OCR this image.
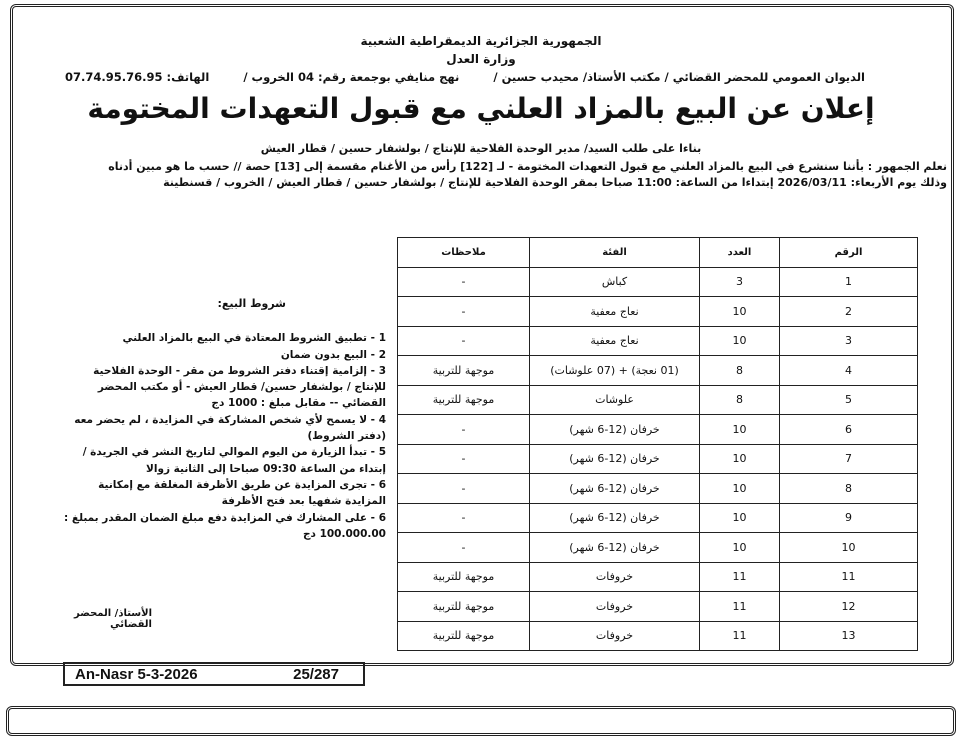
الجمهورية الجزائرية الديمقراطية الشعبية
وزارة العدل
الديوان العمومي للمحضر القضائي / مكتب الأستاذ/ محيدب حسين /
نهج منايفي بوجمعة رقم: 04 الخروب /
الهاتف: 07.74.95.76.95
إعلان عن البيع بالمزاد العلني مع قبول التعهدات المختومة
بناءا على طلب السيد/ مدير الوحدة الفلاحية للإنتاج / بولشفار حسين / قطار العيش
نعلم الجمهور : بأننا سنشرع في البيع بالمزاد العلني مع قبول التعهدات المختومة - لـ [122] رأس من الأغنام مقسمة إلى [13] حصة // حسب ما هو مبين أدناه
وذلك يوم الأربعاء: 2026/03/11 إبتداءا من الساعة: 11:00 صباحا بمقر الوحدة الفلاحية للإنتاج / بولشفار حسين / قطار العيش / الخروب / قسنطينة
الرقم	العدد	الفئة	ملاحظات
1	3	كباش	-
2	10	نعاج معفية	-
3	10	نعاج معفية	-
4	8	(01 نعجة) + (07 علوشات)	موجهة للتربية
5	8	علوشات	موجهة للتربية
6	10	خرفان (12-6 شهر)	-
7	10	خرفان (12-6 شهر)	-
8	10	خرفان (12-6 شهر)	-
9	10	خرفان (12-6 شهر)	-
10	10	خرفان (12-6 شهر)	-
11	11	خروفات	موجهة للتربية
12	11	خروفات	موجهة للتربية
13	11	خروفات	موجهة للتربية
شروط البيع:
1 - تطبيق الشروط المعتادة في البيع بالمزاد العلني
2 - البيع بدون ضمان
3 - إلزامية إقتناء دفتر الشروط من مقر - الوحدة الفلاحية للإنتاج / بولشفار حسين/ قطار العيش - أو مكتب المحضر القضائي -- مقابل مبلغ : 1000 دج
4 - لا يسمح لأي شخص المشاركة في المزايدة ، لم يحضر معه (دفتر الشروط)
5 - تبدأ الزيارة من اليوم الموالي لتاريخ النشر في الجريدة / إبتداء من الساعة 09:30 صباحا إلى الثانية زوالا
6 - تجرى المزايدة عن طريق الأظرفة المغلقة مع إمكانية المزايدة شفهيا بعد فتح الأظرفة
6 - على المشارك في المزايدة دفع مبلغ الضمان المقدر بمبلغ : 100.000.00 دج
الأستاذ/ المحضر القضائي
An-Nasr 5-3-2026	25/287
